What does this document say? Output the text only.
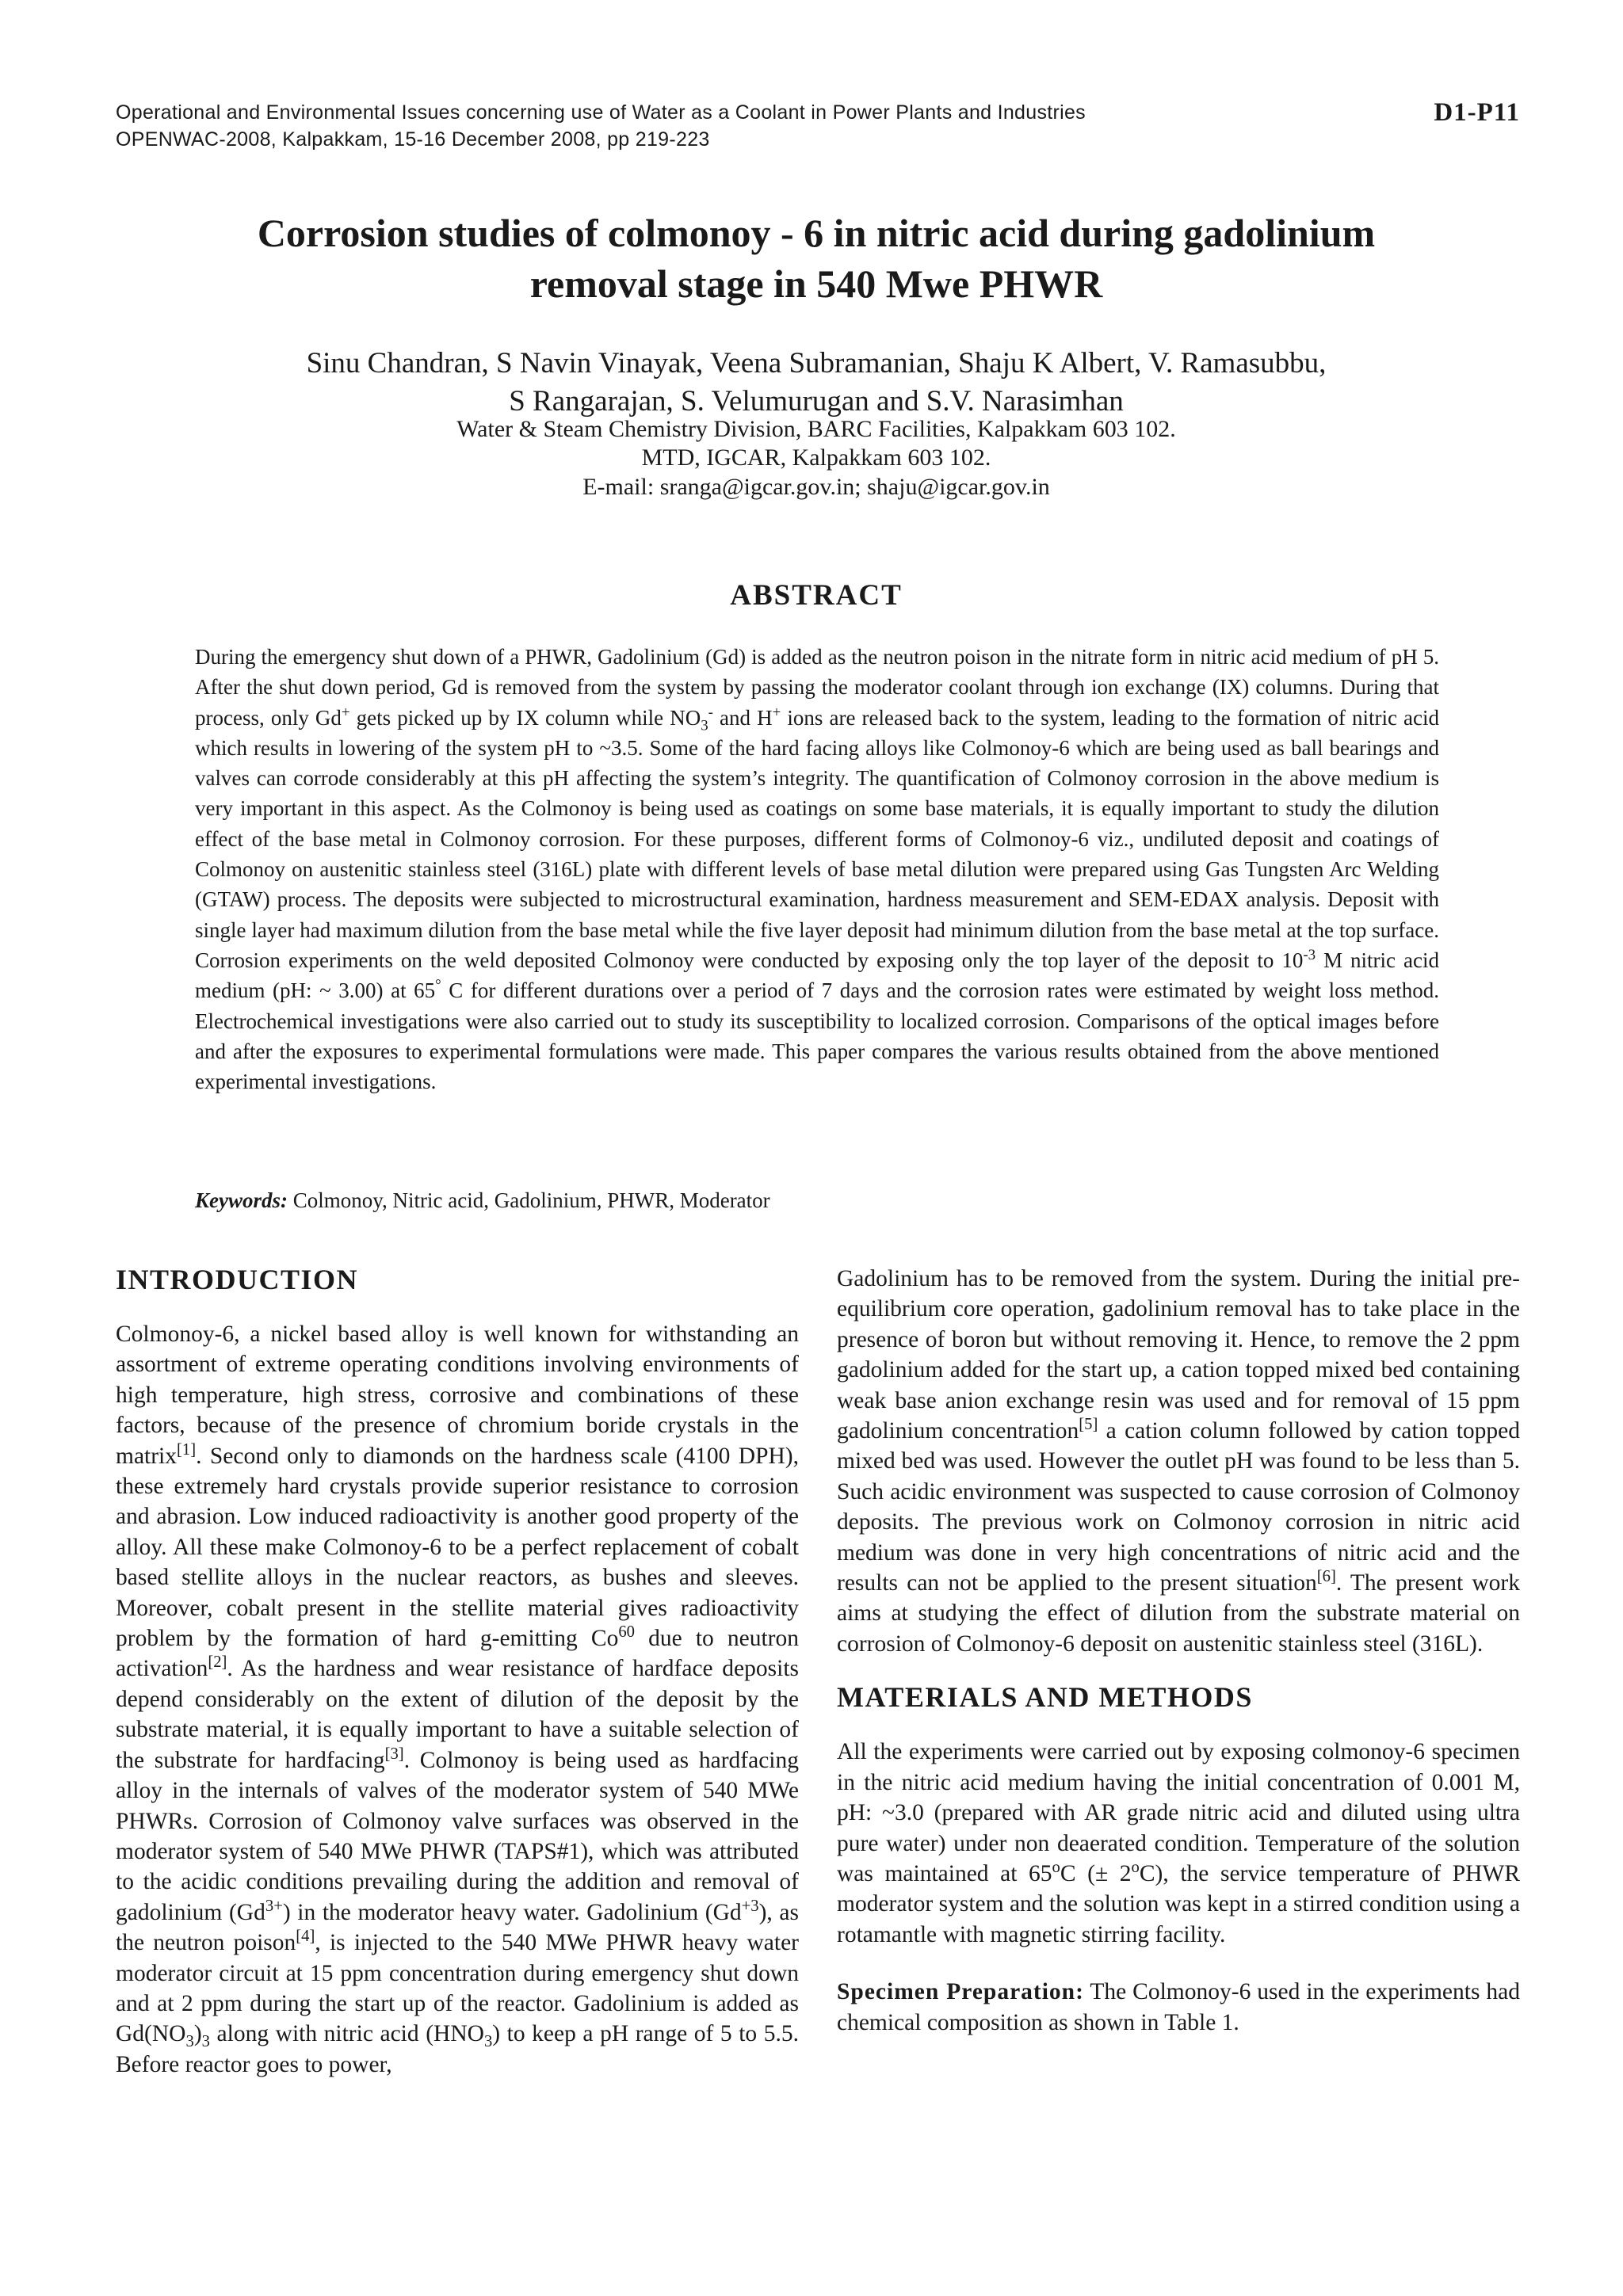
Operational and Environmental Issues concerning use of Water as a Coolant in Power Plants and Industries
OPENWAC-2008, Kalpakkam, 15-16 December 2008, pp 219-223
D1-P11
Corrosion studies of colmonoy - 6 in nitric acid during gadolinium
removal stage in 540 Mwe PHWR
Sinu Chandran, S Navin Vinayak, Veena Subramanian, Shaju K Albert, V. Ramasubbu,
S Rangarajan, S. Velumurugan and S.V. Narasimhan
Water & Steam Chemistry Division, BARC Facilities, Kalpakkam 603 102.
MTD, IGCAR, Kalpakkam 603 102.
E-mail: sranga@igcar.gov.in; shaju@igcar.gov.in
ABSTRACT

During the emergency shut down of a PHWR, Gadolinium (Gd) is added as the neutron poison in the nitrate form in nitric acid medium of pH 5. After the shut down period, Gd is removed from the system by passing the moderator coolant through ion exchange (IX) columns. During that process, only Gd+ gets picked up by IX column while $NO_3^-$ and H+ ions are released back to the system, leading to the formation of nitric acid which results in lowering of the system pH to ~3.5. Some of the hard facing alloys like Colmonoy-6 which are being used as ball bearings and valves can corrode considerably at this pH affecting the system’s integrity. The quantification of Colmonoy corrosion in the above medium is very important in this aspect. As the Colmonoy is being used as coatings on some base materials, it is equally important to study the dilution effect of the base metal in Colmonoy corrosion. For these purposes, different forms of Colmonoy-6 viz., undiluted deposit and coatings of Colmonoy on austenitic stainless steel (316L) plate with different levels of base metal dilution were prepared using Gas Tungsten Arc Welding (GTAW) process. The deposits were subjected to microstructural examination, hardness measurement and SEM-EDAX analysis. Deposit with single layer had maximum dilution from the base metal while the five layer deposit had minimum dilution from the base metal at the top surface. Corrosion experiments on the weld deposited Colmonoy were conducted by exposing only the top layer of the deposit to $10^{-3}$ M nitric acid medium (pH: ~ 3.00) at 65° C for different durations over a period of 7 days and the corrosion rates were estimated by weight loss method. Electrochemical investigations were also carried out to study its susceptibility to localized corrosion. Comparisons of the optical images before and after the exposures to experimental formulations were made. This paper compares the various results obtained from the above mentioned experimental investigations.

Keywords: Colmonoy, Nitric acid, Gadolinium, PHWR, Moderator
INTRODUCTION

Colmonoy-6, a nickel based alloy is well known for withstanding an assortment of extreme operating conditions involving environments of high temperature, high stress, corrosive and combinations of these factors, because of the presence of chromium boride crystals in the matrix[1]. Second only to diamonds on the hardness scale (4100 DPH), these extremely hard crystals provide superior resistance to corrosion and abrasion. Low induced radioactivity is another good property of the alloy. All these make Colmonoy-6 to be a perfect replacement of cobalt based stellite alloys in the nuclear reactors, as bushes and sleeves. Moreover, cobalt present in the stellite material gives radioactivity problem by the formation of hard g-emitting Co$^{60}$ due to neutron activation[2]. As the hardness and wear resistance of hardface deposits depend considerably on the extent of dilution of the deposit by the substrate material, it is equally important to have a suitable selection of the substrate for hardfacing[3]. Colmonoy is being used as hardfacing alloy in the internals of valves of the moderator system of 540 MWe PHWRs. Corrosion of Colmonoy valve surfaces was observed in the moderator system of 540 MWe PHWR (TAPS#1), which was attributed to the acidic conditions prevailing during the addition and removal of gadolinium $(Gd^{3+})$ in the moderator heavy water. Gadolinium $(Gd^{+3})$, as the neutron poison[4], is injected to the 540 MWe PHWR heavy water moderator circuit at 15 ppm concentration during emergency shut down and at 2 ppm during the start up of the reactor. Gadolinium is added as $Gd(NO_3)_3$ along with nitric acid $(HNO_3)$ to keep a pH range of 5 to 5.5. Before reactor goes to power,

Gadolinium has to be removed from the system. During the initial pre-equilibrium core operation, gadolinium removal has to take place in the presence of boron but without removing it. Hence, to remove the 2 ppm gadolinium added for the start up, a cation topped mixed bed containing weak base anion exchange resin was used and for removal of 15 ppm gadolinium concentration[5] a cation column followed by cation topped mixed bed was used. However the outlet pH was found to be less than 5. Such acidic environment was suspected to cause corrosion of Colmonoy deposits. The previous work on Colmonoy corrosion in nitric acid medium was done in very high concentrations of nitric acid and the results can not be applied to the present situation[6]. The present work aims at studying the effect of dilution from the substrate material on corrosion of Colmonoy-6 deposit on austenitic stainless steel (316L).

MATERIALS AND METHODS

All the experiments were carried out by exposing colmonoy-6 specimen in the nitric acid medium having the initial concentration of 0.001 M, pH: ~3.0 (prepared with AR grade nitric acid and diluted using ultra pure water) under non deaerated condition. Temperature of the solution was maintained at 65$^o$C (± $2^oC$), the service temperature of PHWR moderator system and the solution was kept in a stirred condition using a rotamantle with magnetic stirring facility.

Specimen Preparation: The Colmonoy-6 used in the experiments had chemical composition as shown in Table 1.
